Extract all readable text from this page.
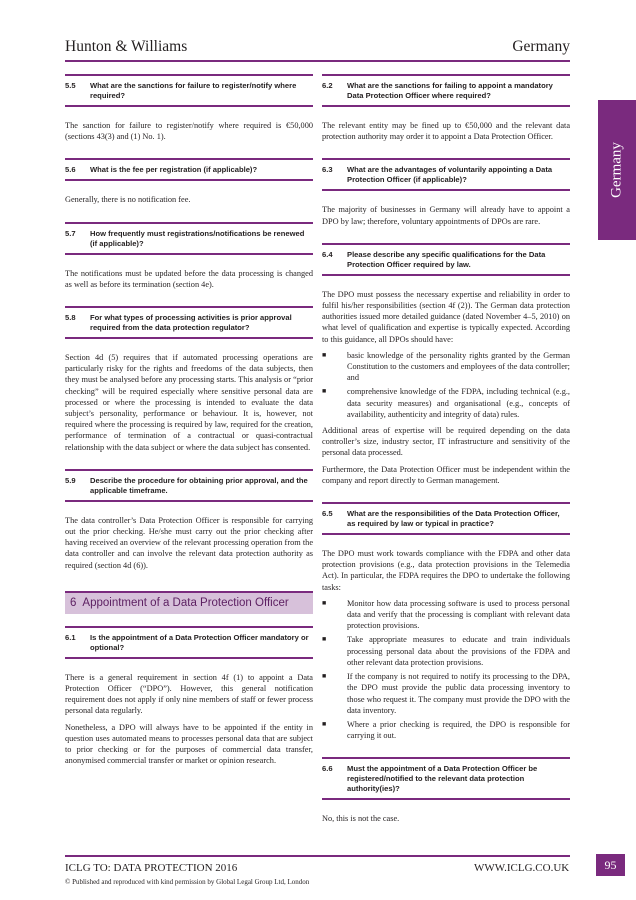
Hunton & Williams	Germany
Germany
5.5	What are the sanctions for failure to register/notify where required?

The sanction for failure to register/notify where required is €50,000 (sections 43(3) and (1) No. 1).

5.6	What is the fee per registration (if applicable)?

Generally, there is no notification fee.

5.7	How frequently must registrations/notifications be renewed (if applicable)?

The notifications must be updated before the data processing is changed as well as before its termination (section 4e).

5.8	For what types of processing activities is prior approval required from the data protection regulator?

Section 4d (5) requires that if automated processing operations are particularly risky for the rights and freedoms of the data subjects, then they must be analysed before any processing starts. This analysis or “prior checking” will be required especially where sensitive personal data are processed or where the processing is intended to evaluate the data subject’s personality, performance or behaviour. It is, however, not required where the processing is required by law, required for the creation, performance of termination of a contractual or quasi-contractual relationship with the data subject or where the data subject has consented.

5.9	Describe the procedure for obtaining prior approval, and the applicable timeframe.

The data controller’s Data Protection Officer is responsible for carrying out the prior checking. He/she must carry out the prior checking after having received an overview of the relevant processing operation from the data controller and can involve the relevant data protection authority as required (section 4d (6)).

6 Appointment of a Data Protection Officer
6.1	Is the appointment of a Data Protection Officer mandatory or optional?

There is a general requirement in section 4f (1) to appoint a Data Protection Officer (“DPO”). However, this general notification requirement does not apply if only nine members of staff or fewer process personal data regularly.

Nonetheless, a DPO will always have to be appointed if the entity in question uses automated means to processes personal data that are subject to prior checking or for the purposes of commercial data transfer, anonymised commercial transfer or market or opinion research.

6.2	What are the sanctions for failing to appoint a mandatory Data Protection Officer where required?

The relevant entity may be fined up to €50,000 and the relevant data protection authority may order it to appoint a Data Protection Officer.

6.3	What are the advantages of voluntarily appointing a Data Protection Officer (if applicable)?

The majority of businesses in Germany will already have to appoint a DPO by law; therefore, voluntary appointments of DPOs are rare.

6.4	Please describe any specific qualifications for the Data Protection Officer required by law.

The DPO must possess the necessary expertise and reliability in order to fulfil his/her responsibilities (section 4f (2)). The German data protection authorities issued more detailed guidance (dated November 4–5, 2010) on what level of qualification and expertise is typically expected. According to this guidance, all DPOs should have:

■	basic knowledge of the personality rights granted by the German Constitution to the customers and employees of the data controller; and
■	comprehensive knowledge of the FDPA, including technical (e.g., data security measures) and organisational (e.g., concepts of availability, authenticity and integrity of data) rules.

Additional areas of expertise will be required depending on the data controller’s size, industry sector, IT infrastructure and sensitivity of the personal data processed.

Furthermore, the Data Protection Officer must be independent within the company and report directly to German management.

6.5	What are the responsibilities of the Data Protection Officer, as required by law or typical in practice?

The DPO must work towards compliance with the FDPA and other data protection provisions (e.g., data protection provisions in the Telemedia Act). In particular, the FDPA requires the DPO to undertake the following tasks:

■	Monitor how data processing software is used to process personal data and verify that the processing is compliant with relevant data protection provisions.
■	Take appropriate measures to educate and train individuals processing personal data about the provisions of the FDPA and other relevant data protection provisions.
■	If the company is not required to notify its processing to the DPA, the DPO must provide the public data processing inventory to those who request it. The company must provide the DPO with the data inventory.
■	Where a prior checking is required, the DPO is responsible for carrying it out.
6.6	Must the appointment of a Data Protection Officer be registered/notified to the relevant data protection authority(ies)?

No, this is not the case.

ICLG TO: DATA PROTECTION 2016	WWW.ICLG.CO.UK
© Published and reproduced with kind permission by Global Legal Group Ltd, London
95
